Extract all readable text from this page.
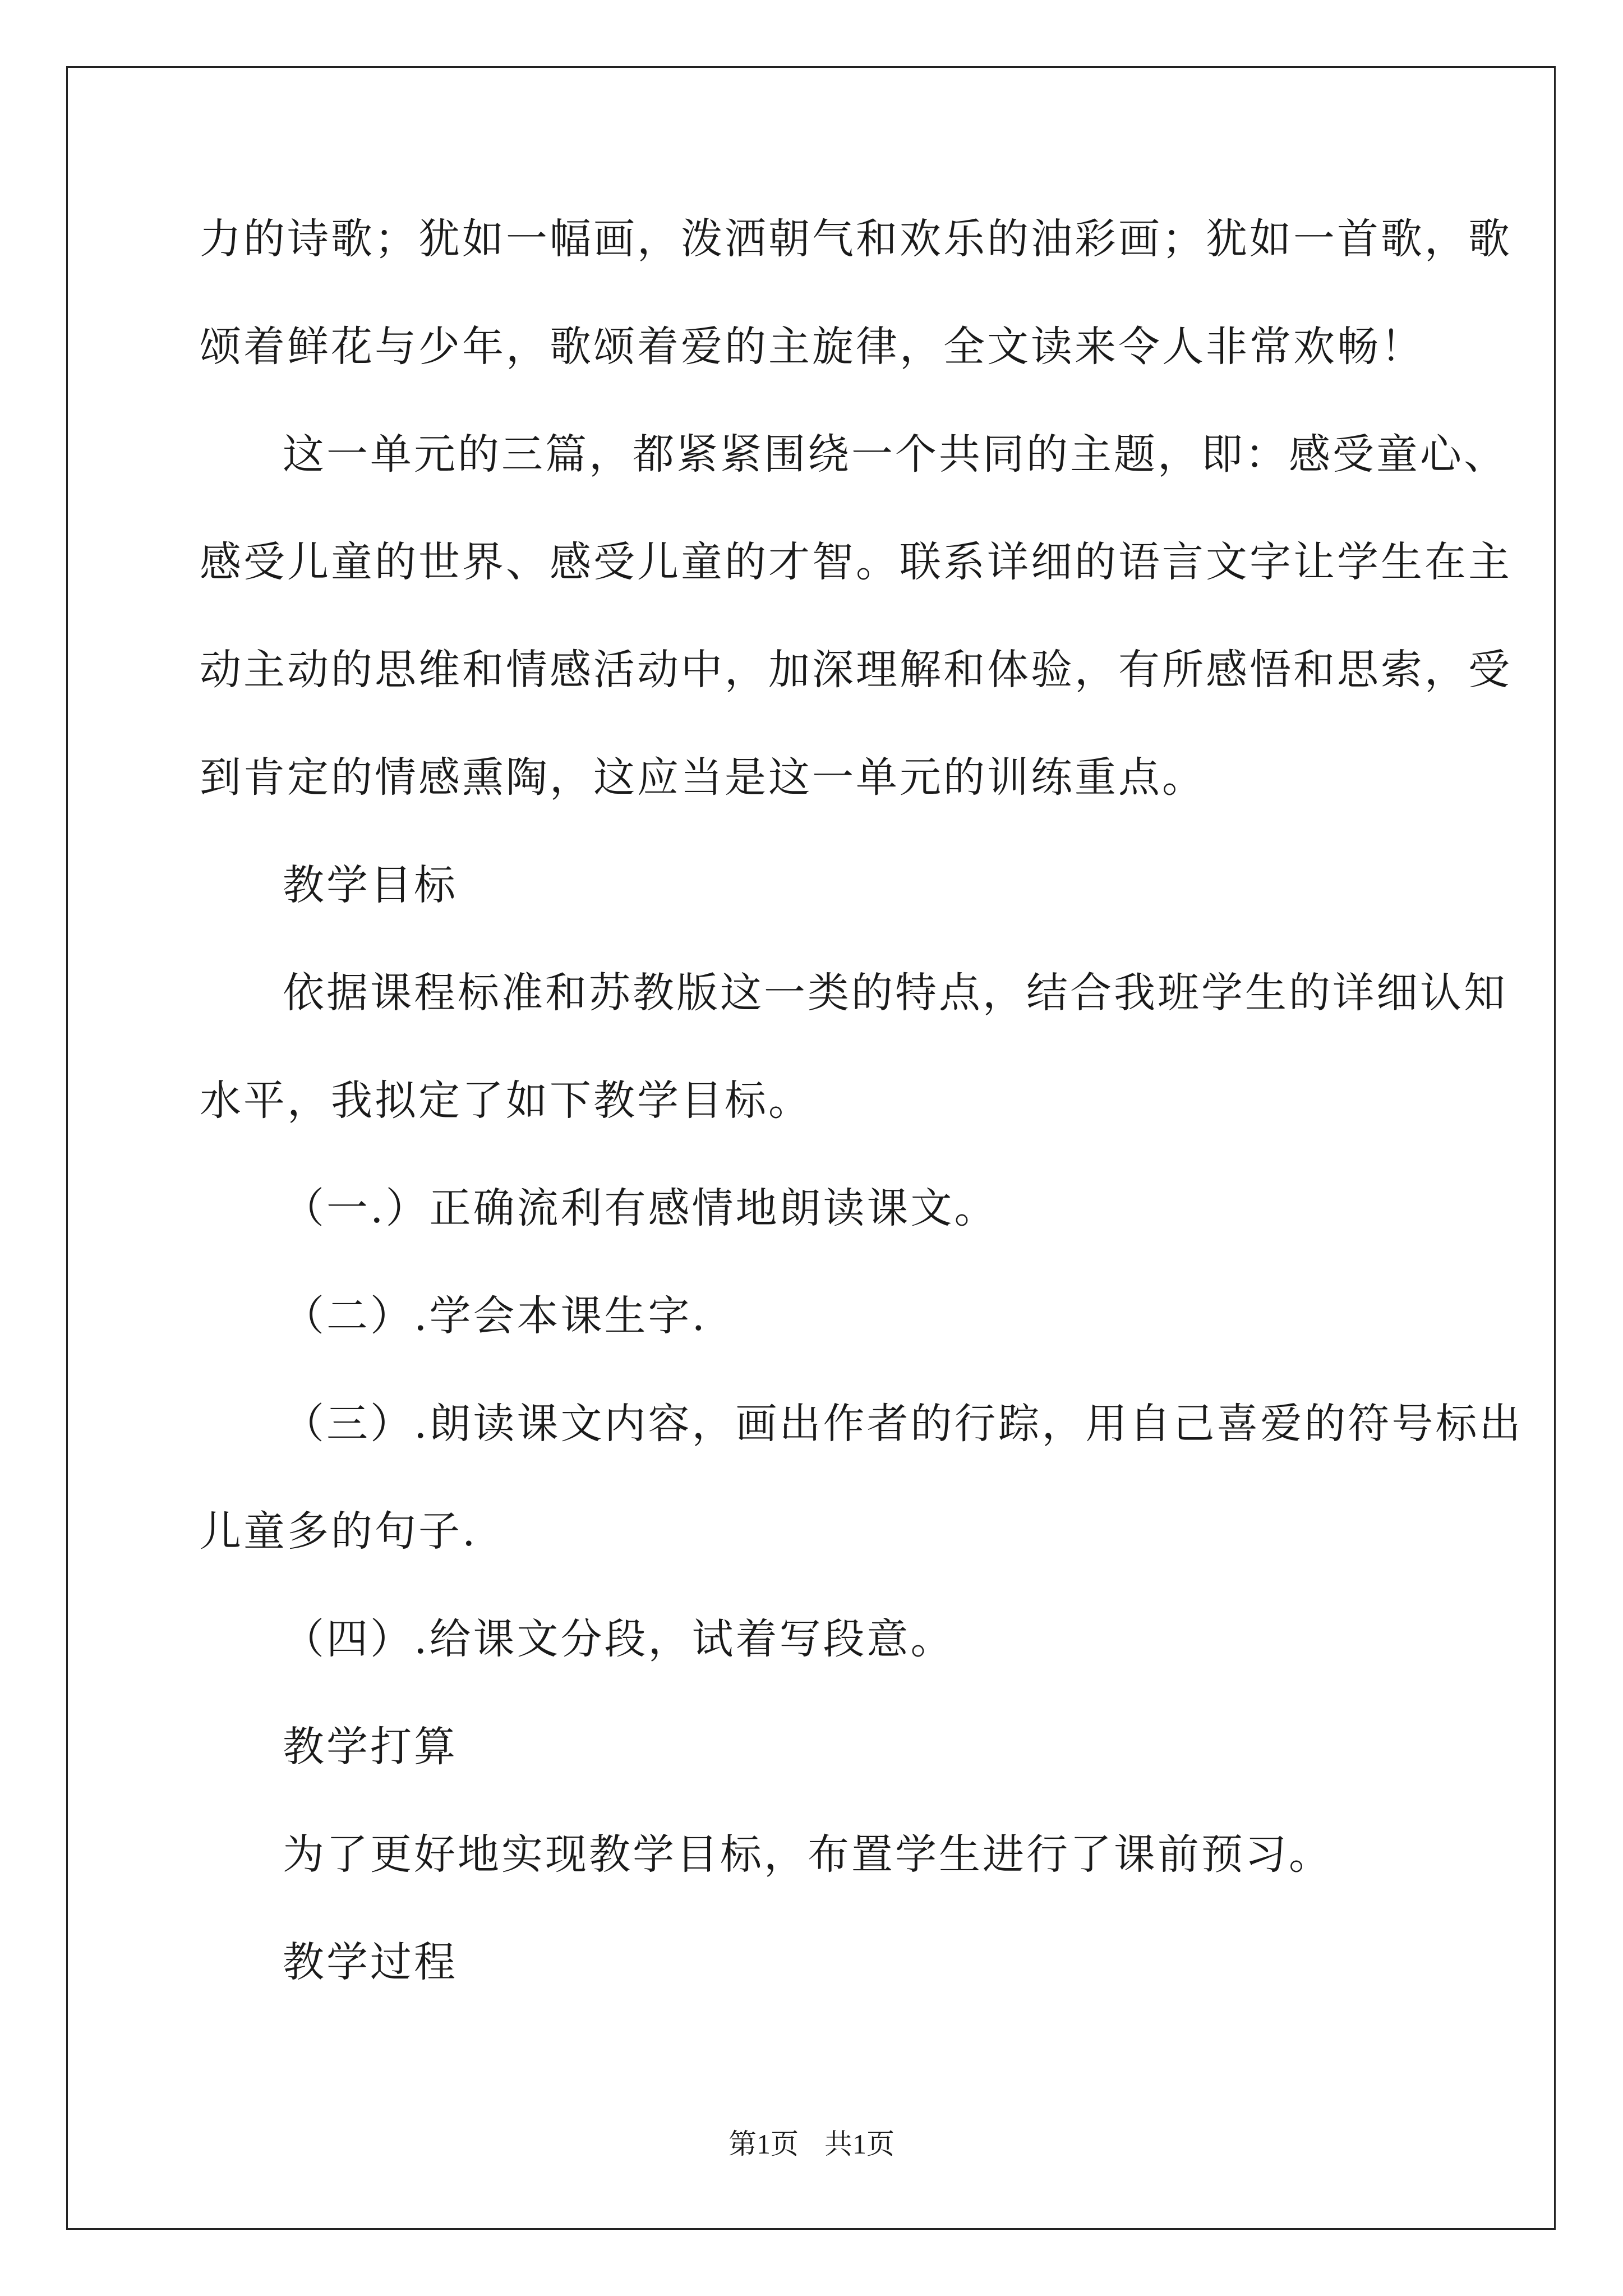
力的诗歌；犹如一幅画，泼洒朝气和欢乐的油彩画；犹如一首歌，歌

颂着鲜花与少年，歌颂着爱的主旋律，全文读来令人非常欢畅！

这一单元的三篇，都紧紧围绕一个共同的主题，即：感受童心、

感受儿童的世界、感受儿童的才智。联系详细的语言文字让学生在主

动主动的思维和情感活动中，加深理解和体验，有所感悟和思索，受

到肯定的情感熏陶，这应当是这一单元的训练重点。

教学目标

依据课程标准和苏教版这一类的特点，结合我班学生的详细认知

水平，我拟定了如下教学目标。

（一.）正确流利有感情地朗读课文。

（二）.学会本课生字.

（三）.朗读课文内容，画出作者的行踪，用自己喜爱的符号标出

儿童多的句子.

（四）.给课文分段，试着写段意。

教学打算

为了更好地实现教学目标，布置学生进行了课前预习。

教学过程

第1页 共1页
